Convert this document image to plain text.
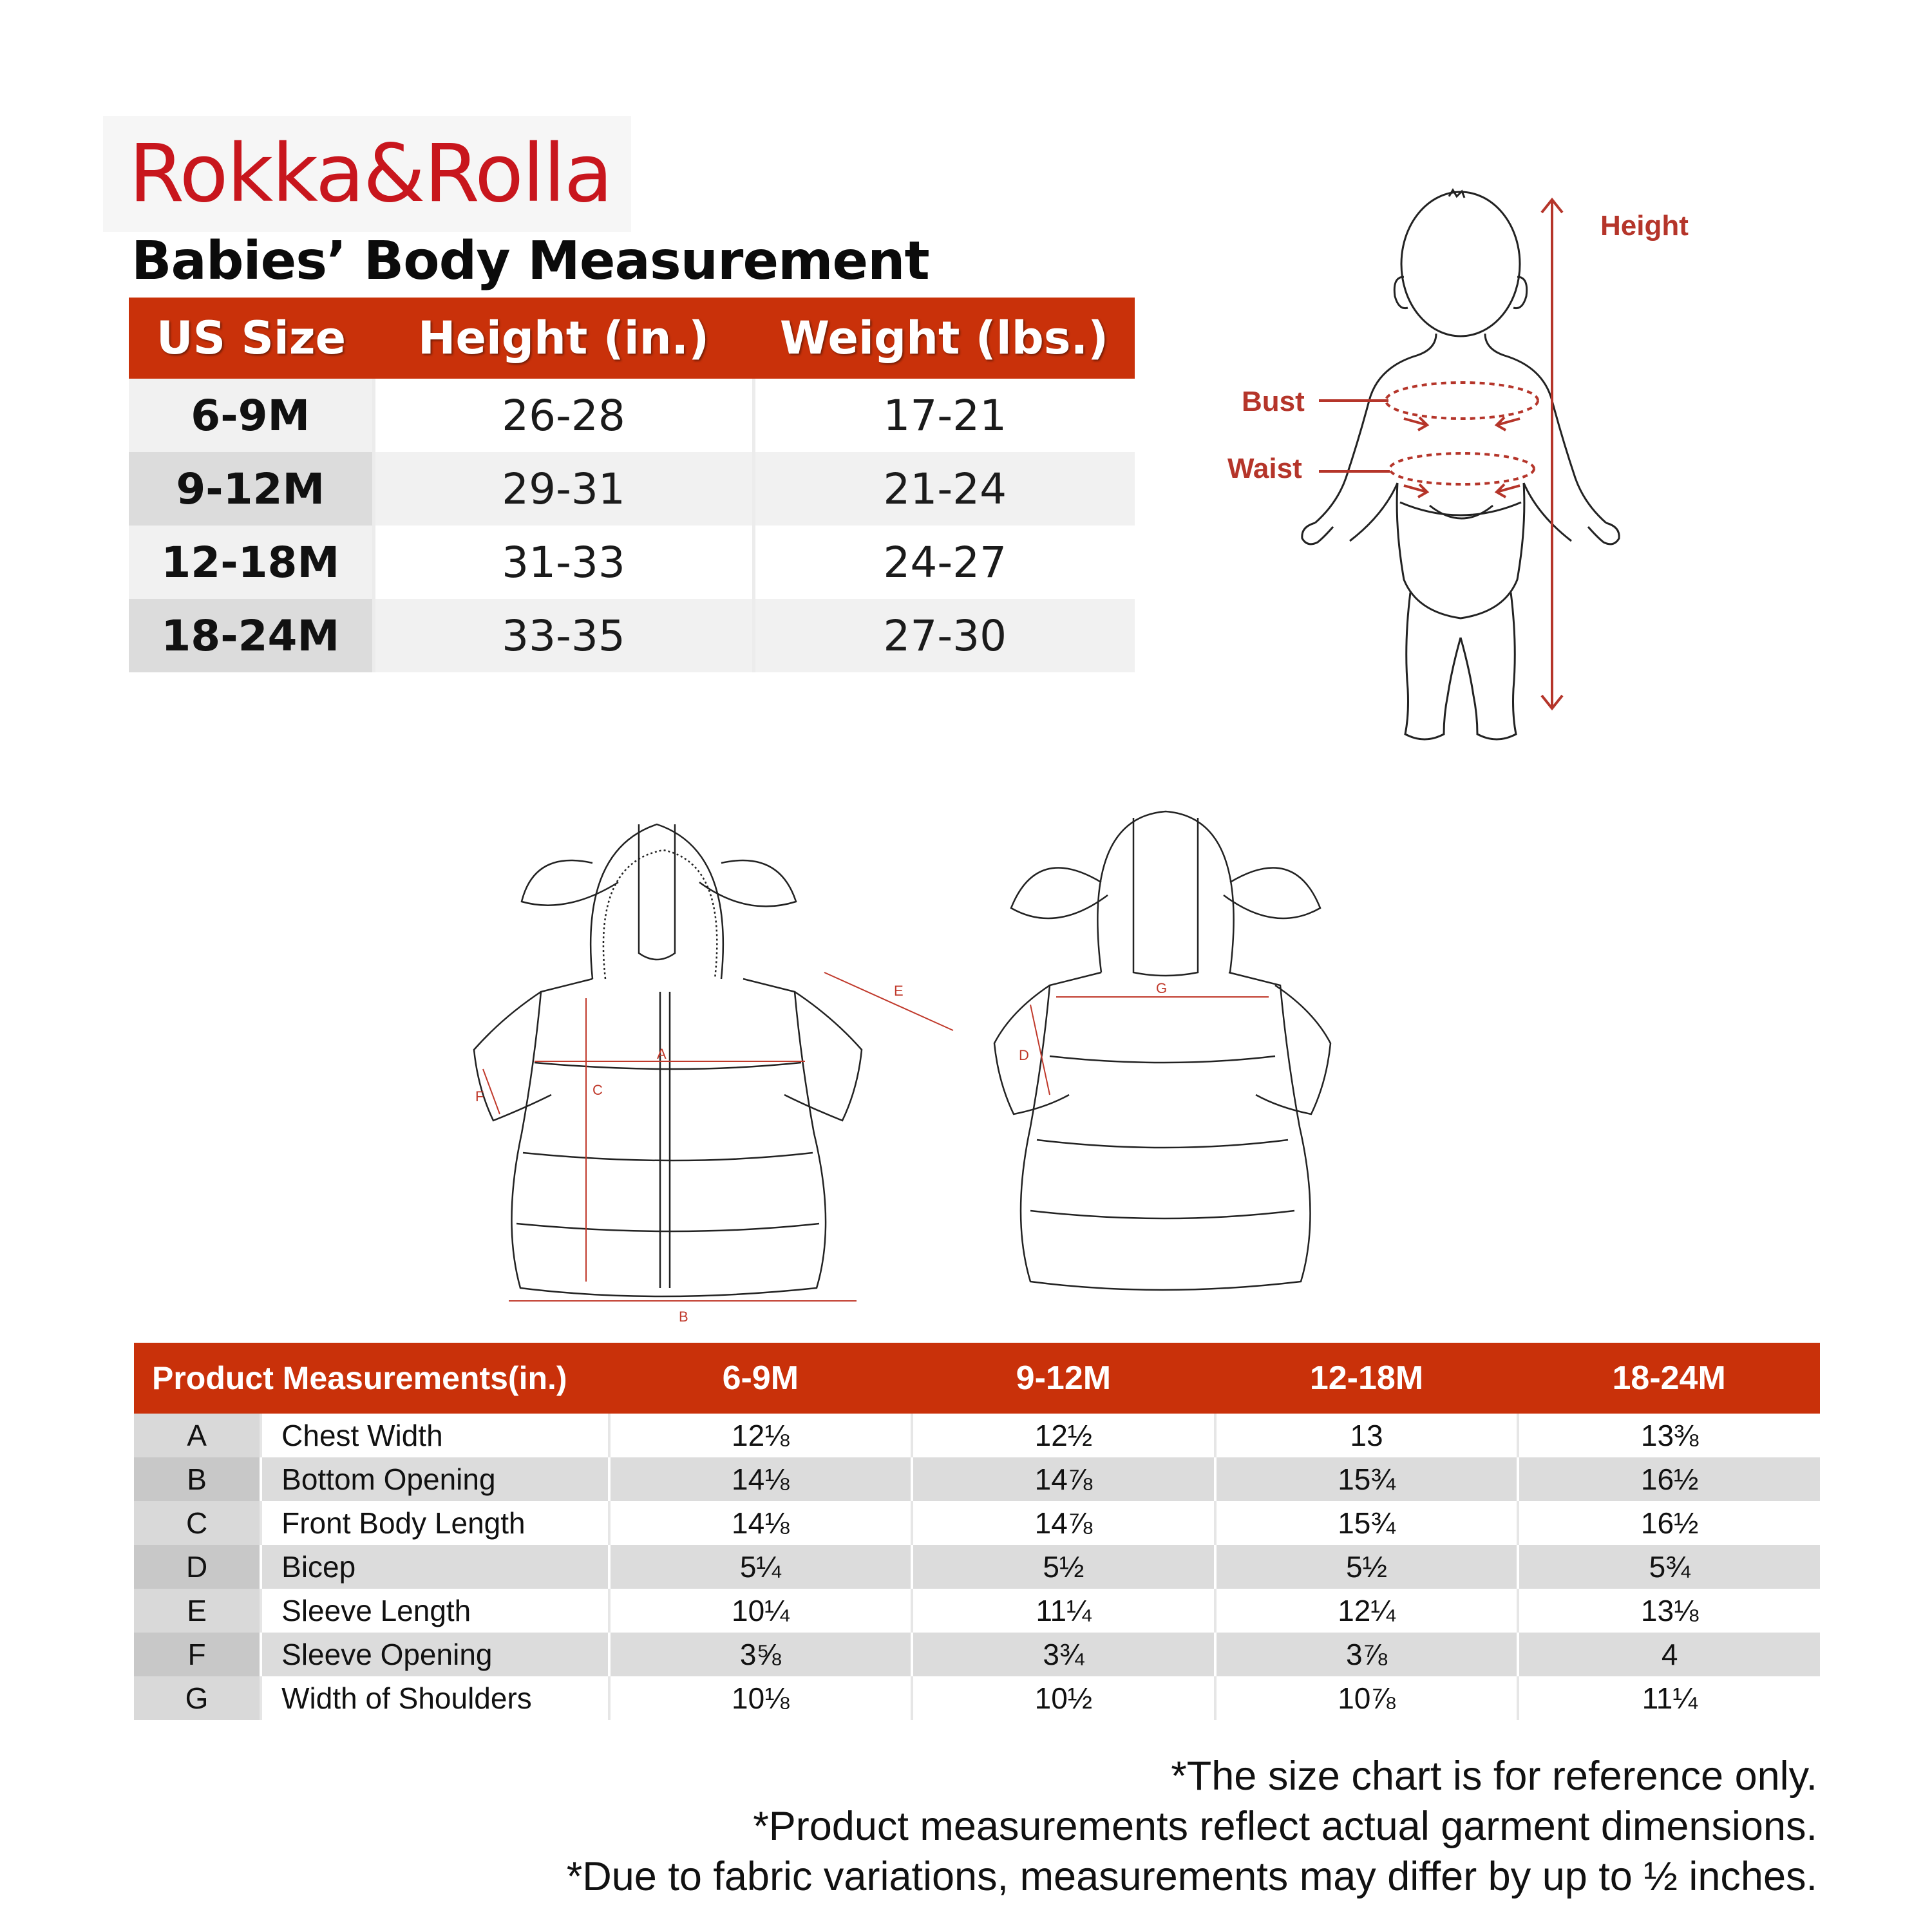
Rokka&Rolla
Babies’ Body Measurement
US Size	Height (in.)	Weight (lbs.)
6-9M	26-28	17-21
9-12M	29-31	21-24
12-18M	31-33	24-27
18-24M	33-35	27-30
Height
Bust
Waist
A
B
C
E
F
G
D
Product Measurements(in.)		6-9M	9-12M	12-18M	18-24M
A	Chest Width	12⅛	12½	13	13⅜
B	Bottom Opening	14⅛	14⅞	15¾	16½
C	Front Body Length	14⅛	14⅞	15¾	16½
D	Bicep	5¼	5½	5½	5¾
E	Sleeve Length	10¼	11¼	12¼	13⅛
F	Sleeve Opening	3⅝	3¾	3⅞	4
G	Width of Shoulders	10⅛	10½	10⅞	11¼
*The size chart is for reference only.
*Product measurements reflect actual garment dimensions.
*Due to fabric variations, measurements may differ by up to ½ inches.
